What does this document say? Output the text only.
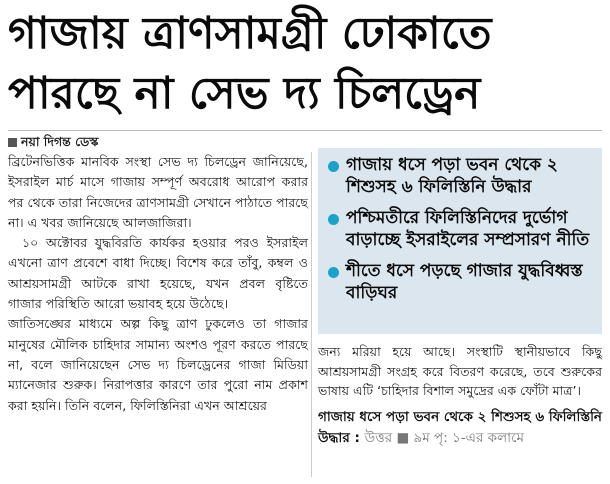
গাজায় ত্রাণসামগ্রী ঢোকাতে
পারছে না সেভ দ্য চিলড্রেন
নয়া দিগন্ত ডেস্ক

ব্রিটেনভিত্তিক মানবিক সংস্থা সেভ দ্য চিলড্রেন জানিয়েছে, ইসরাইল মার্চ মাসে গাজায় সম্পূর্ণ অবরোধ আরোপ করার পর থেকে তারা নিজেদের ত্রাণসামগ্রী সেখানে পাঠাতে পারছে না। এ খবর জানিয়েছে আলজাজিরা।

১০ অক্টোবর যুদ্ধবিরতি কার্যকর হওয়ার পরও ইসরাইল এখনো ত্রাণ প্রবেশে বাধা দিচ্ছে। বিশেষ করে তাঁবু, কম্বল ও আশ্রয়সামগ্রী আটকে রাখা হয়েছে, যখন প্রবল বৃষ্টিতে গাজার পরিস্থিতি আরো ভয়াবহ হয়ে উঠেছে।

জাতিসঙ্ঘের মাধ্যমে অল্প কিছু ত্রাণ ঢুকলেও তা গাজার মানুষের মৌলিক চাহিদার সামান্য অংশও পূরণ করতে পারছে না, বলে জানিয়েছেন সেভ দ্য চিলড্রেনের গাজা মিডিয়া ম্যানেজার শুরুক। নিরাপত্তার কারণে তার পুরো নাম প্রকাশ করা হয়নি। তিনি বলেন, ফিলিস্তিনিরা এখন আশ্রয়ের

গাজায় ধসে পড়া ভবন থেকে ২ শিশুসহ ৬ ফিলিস্তিনি উদ্ধার
পশ্চিমতীরে ফিলিস্তিনিদের দুর্ভোগ বাড়াচ্ছে ইসরাইলের সম্প্রসারণ নীতি
শীতে ধসে পড়ছে গাজার যুদ্ধবিধ্বস্ত বাড়িঘর

জন্য মরিয়া হয়ে আছে। সংস্থাটি স্থানীয়ভাবে কিছু আশ্রয়সামগ্রী সংগ্রহ করে বিতরণ করেছে, তবে শুরুকের ভাষায় এটি ‘চাহিদার বিশাল সমুদ্রের এক ফোঁটা মাত্র’।

গাজায় ধসে পড়া ভবন থেকে ২ শিশুসহ ৬ ফিলিস্তিনি উদ্ধার : উত্তর ■ ৯ম পৃ: ১-এর কলামে
